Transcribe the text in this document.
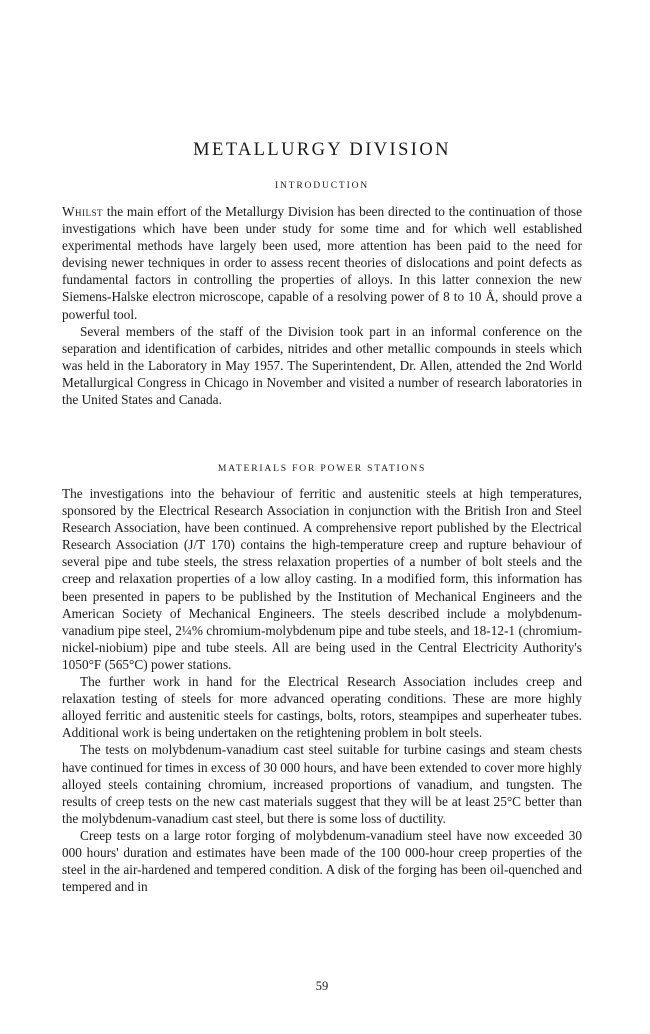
METALLURGY DIVISION
INTRODUCTION

Whilst the main effort of the Metallurgy Division has been directed to the continuation of those investigations which have been under study for some time and for which well established experimental methods have largely been used, more attention has been paid to the need for devising newer techniques in order to assess recent theories of dislocations and point defects as fundamental factors in controlling the properties of alloys. In this latter connexion the new Siemens-Halske electron microscope, capable of a resolving power of 8 to 10 Å, should prove a powerful tool.

Several members of the staff of the Division took part in an informal conference on the separation and identification of carbides, nitrides and other metallic compounds in steels which was held in the Laboratory in May 1957. The Superintendent, Dr. Allen, attended the 2nd World Metallurgical Congress in Chicago in November and visited a number of research laboratories in the United States and Canada.

MATERIALS FOR POWER STATIONS

The investigations into the behaviour of ferritic and austenitic steels at high temperatures, sponsored by the Electrical Research Association in conjunction with the British Iron and Steel Research Association, have been continued. A comprehensive report published by the Electrical Research Association (J/T 170) contains the high-temperature creep and rupture behaviour of several pipe and tube steels, the stress relaxation properties of a number of bolt steels and the creep and relaxation properties of a low alloy casting. In a modified form, this information has been presented in papers to be published by the Institution of Mechanical Engineers and the American Society of Mechanical Engineers. The steels described include a molybdenum-vanadium pipe steel, 2¼% chromium-molybdenum pipe and tube steels, and 18-12-1 (chromium-nickel-niobium) pipe and tube steels. All are being used in the Central Electricity Authority's 1050°F (565°C) power stations.

The further work in hand for the Electrical Research Association includes creep and relaxation testing of steels for more advanced operating conditions. These are more highly alloyed ferritic and austenitic steels for castings, bolts, rotors, steampipes and superheater tubes. Additional work is being undertaken on the retightening problem in bolt steels.

The tests on molybdenum-vanadium cast steel suitable for turbine casings and steam chests have continued for times in excess of 30 000 hours, and have been extended to cover more highly alloyed steels containing chromium, increased proportions of vanadium, and tungsten. The results of creep tests on the new cast materials suggest that they will be at least 25°C better than the molybdenum-vanadium cast steel, but there is some loss of ductility.

Creep tests on a large rotor forging of molybdenum-vanadium steel have now exceeded 30 000 hours' duration and estimates have been made of the 100 000-hour creep properties of the steel in the air-hardened and tempered condition. A disk of the forging has been oil-quenched and tempered and in

59
